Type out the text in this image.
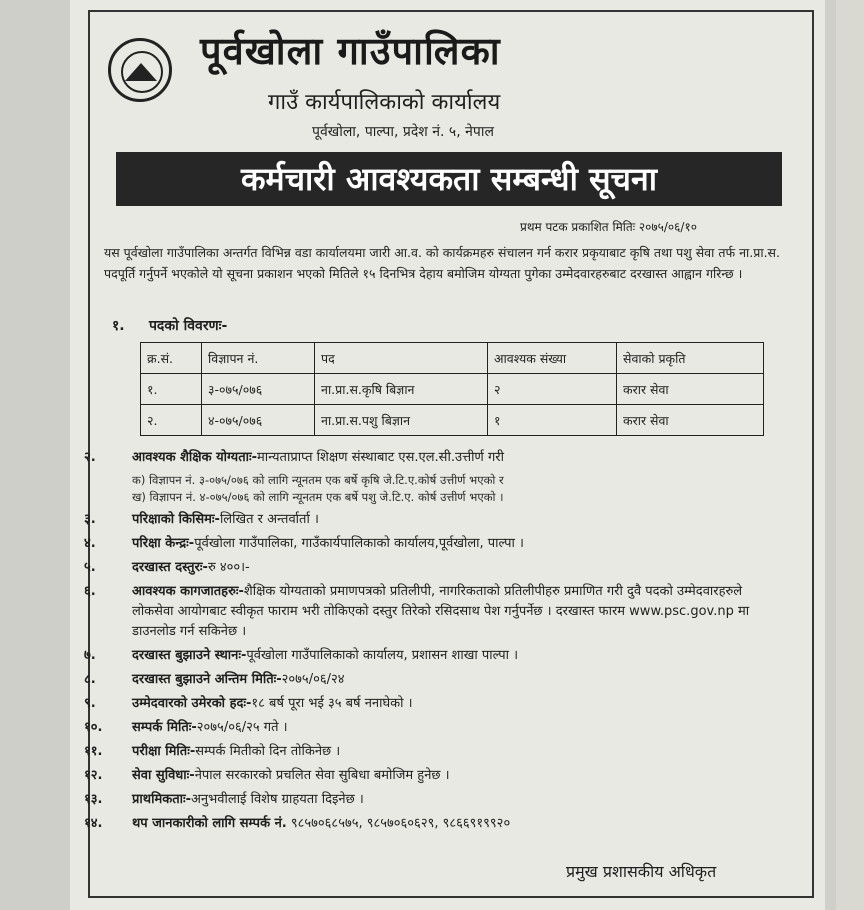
पूर्वखोला गाउँपालिका
गाउँ कार्यपालिकाको कार्यालय
पूर्वखोला, पाल्पा, प्रदेश नं. ५, नेपाल
कर्मचारी आवश्यकता सम्बन्धी सूचना
प्रथम पटक प्रकाशित मितिः २०७५/०६/१०
यस पूर्वखोला गाउँपालिका अन्तर्गत विभिन्न वडा कार्यालयमा जारी आ.व. को कार्यक्रमहरु संचालन गर्न करार प्रकृयाबाट कृषि तथा पशु सेवा तर्फ ना.प्रा.स. पदपूर्ति गर्नुपर्ने भएकोले यो सूचना प्रकाशन भएको मितिले १५ दिनभित्र देहाय बमोजिम योग्यता पुगेका उम्मेदवारहरुबाट दरखास्त आह्वान गरिन्छ ।
१. पदको विवरणः-
क्र.सं.	विज्ञापन नं.	पद	आवश्यक संख्या	सेवाको प्रकृति
१.	३-०७५/०७६	ना.प्रा.स.कृषि बिज्ञान	२	करार सेवा
२.	४-०७५/०७६	ना.प्रा.स.पशु बिज्ञान	१	करार सेवा
२.	आवश्यक शैक्षिक योग्यताः-मान्यताप्राप्त शिक्षण संस्थाबाट एस.एल.सी.उत्तीर्ण गरी
क) विज्ञापन नं. ३-०७५/०७६ को लागि न्यूनतम एक बर्षे कृषि जे.टि.ए.कोर्ष उत्तीर्ण भएको र
ख) विज्ञापन नं. ४-०७५/०७६ को लागि न्यूनतम एक बर्षे पशु जे.टि.ए. कोर्ष उत्तीर्ण भएको ।
३.	परिक्षाको किसिमः-लिखित र अन्तर्वार्ता ।
४.	परिक्षा केन्द्रः-पूर्वखोला गाउँपालिका, गाउँकार्यपालिकाको कार्यालय,पूर्वखोला, पाल्पा ।
५.	दरखास्त दस्तुरः-रु ४००।-
६.	आवश्यक कागजातहरुः-शैक्षिक योग्यताको प्रमाणपत्रको प्रतिलीपी, नागरिकताको प्रतिलीपीहरु प्रमाणित गरी दुवै पदको उम्मेदवारहरुले लोकसेवा आयोगबाट स्वीकृत फाराम भरी तोकिएको दस्तुर तिरेको रसिदसाथ पेश गर्नुपर्नेछ । दरखास्त फारम www.psc.gov.np मा डाउनलोड गर्न सकिनेछ ।
७.	दरखास्त बुझाउने स्थानः-पूर्वखोला गाउँपालिकाको कार्यालय, प्रशासन शाखा पाल्पा ।
८.	दरखास्त बुझाउने अन्तिम मितिः-२०७५/०६/२४
९.	उम्मेदवारको उमेरको हदः-१८ बर्ष पूरा भई ३५ बर्ष ननाघेको ।
१०.	सम्पर्क मितिः-२०७५/०६/२५ गते ।
११.	परीक्षा मितिः-सम्पर्क मितीको दिन तोकिनेछ ।
१२.	सेवा सुविधाः-नेपाल सरकारको प्रचलित सेवा सुबिधा बमोजिम हुनेछ ।
१३.	प्राथमिकताः-अनुभवीलाई विशेष ग्राहयता दिइनेछ ।
१४.	थप जानकारीको लागि सम्पर्क नं. ९८५७०६८५७५, ९८५७०६०६२९, ९८६६९१९९२०
प्रमुख प्रशासकीय अधिकृत
